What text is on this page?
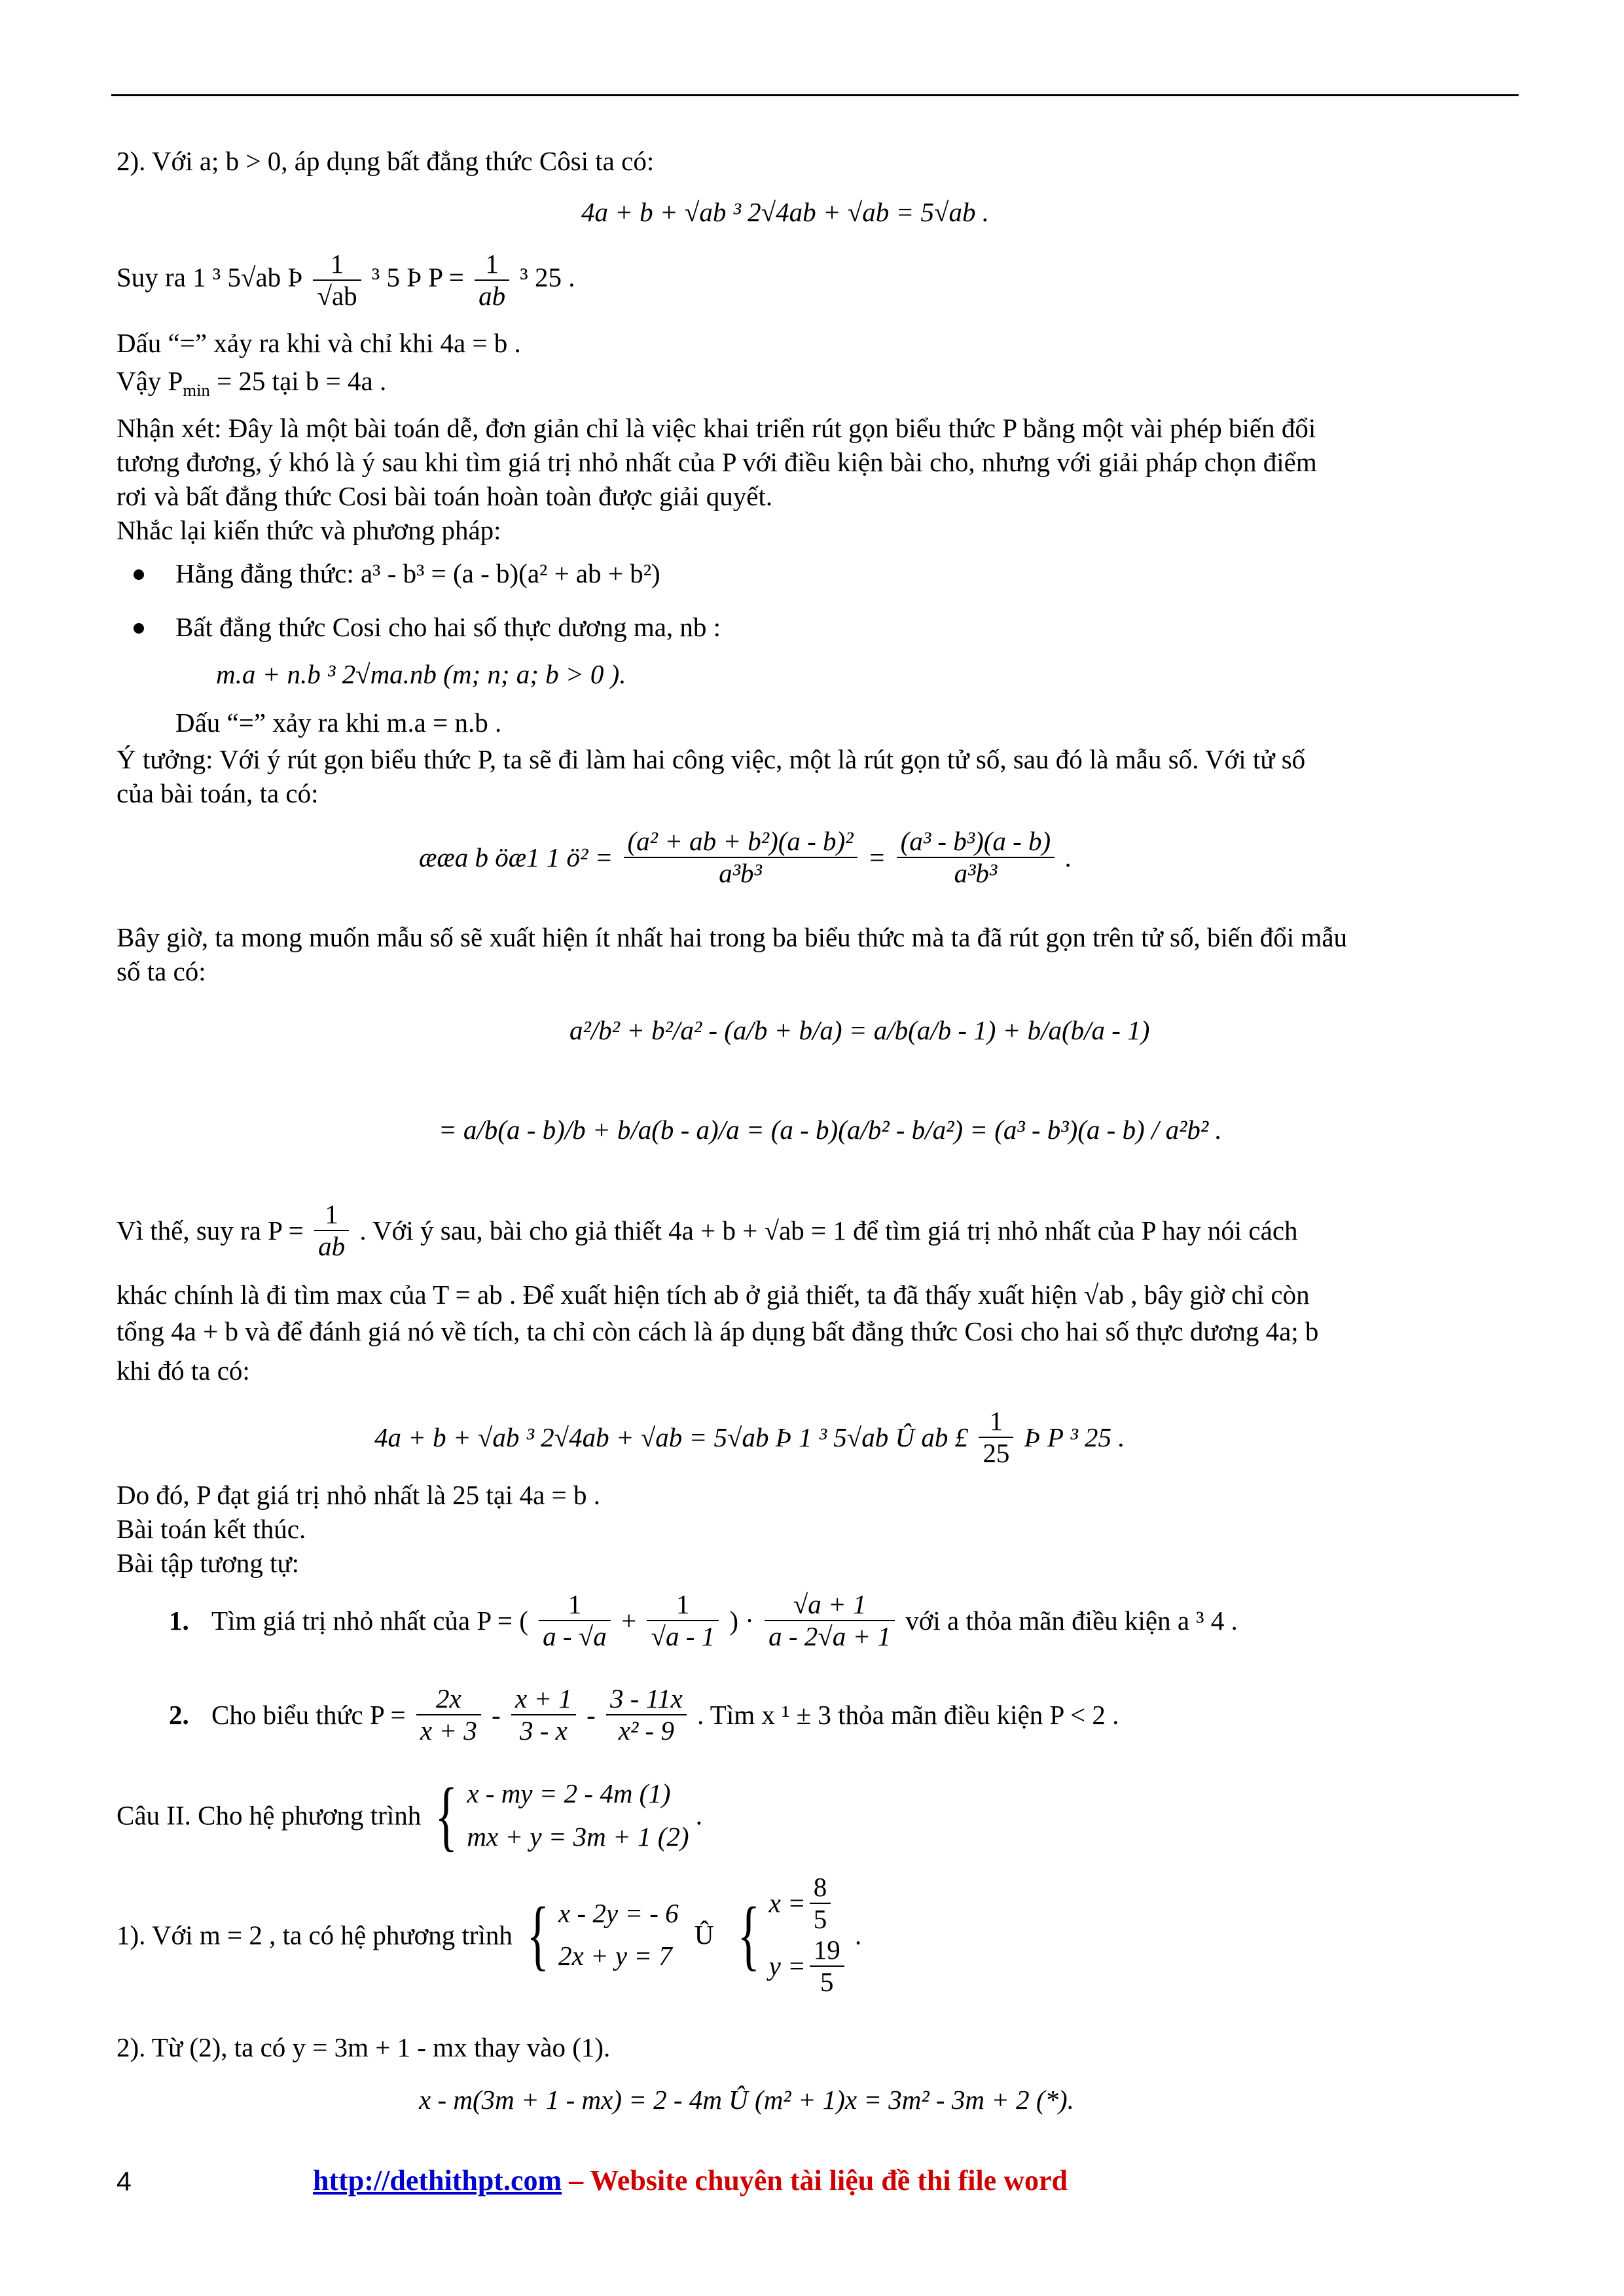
2). Với a; b > 0, áp dụng bất đẳng thức Côsi ta có:
4a + b + √ab ³ 2√4ab + √ab = 5√ab .
Suy ra 1 ³ 5√ab Þ $\frac{1}{√ab} ^3$ 5 Þ $P = \frac{1}{ab} ^3$ 25 .
Dấu “=” xảy ra khi và chỉ khi 4a = b .
Vậy $P_{min} = 25$ tại b = 4a .
Nhận xét: Đây là một bài toán dễ, đơn giản chỉ là việc khai triển rút gọn biểu thức P bằng một vài phép biến đổi
tương đương, ý khó là ý sau khi tìm giá trị nhỏ nhất của P với điều kiện bài cho, nhưng với giải pháp chọn điểm
rơi và bất đẳng thức Cosi bài toán hoàn toàn được giải quyết.
Nhắc lại kiến thức và phương pháp:
Hằng đẳng thức: a³ - b³ = (a - b)(a² + ab + b²)
Bất đẳng thức Cosi cho hai số thực dương ma, nb :
m.a + n.b ³ 2√ma.nb (m; n; a; b > 0 ).
Dấu “=” xảy ra khi m.a = n.b .
Ý tưởng: Với ý rút gọn biểu thức P, ta sẽ đi làm hai công việc, một là rút gọn tử số, sau đó là mẫu số. Với tử số
của bài toán, ta có:
ææa b öæ1 1 ö² = $\frac{\text{(a² + ab + b²)(a - b)²}}{\text{a³b³}} = \frac{\text{(a³ - b³)(a - b)}}{\text{a³b³}}$ .
Bây giờ, ta mong muốn mẫu số sẽ xuất hiện ít nhất hai trong ba biểu thức mà ta đã rút gọn trên tử số, biến đổi mẫu
số ta có:
a²/b² + b²/a² - (a/b + b/a) = a/b(a/b - 1) + b/a(b/a - 1)
= a/b(a - b)/b + b/a(b - a)/a = (a - b)(a/b² - b/a²) = (a³ - b³)(a - b) / a²b² .
Vì thế, suy ra $P = \frac{1}{ab}$ . Với ý sau, bài cho giả thiết 4a + b + √ab = 1 để tìm giá trị nhỏ nhất của P hay nói cách
khác chính là đi tìm max của T = ab . Để xuất hiện tích ab ở giả thiết, ta đã thấy xuất hiện √ab , bây giờ chỉ còn
tổng 4a + b và để đánh giá nó về tích, ta chỉ còn cách là áp dụng bất đẳng thức Cosi cho hai số thực dương 4a; b
khi đó ta có:
4a + b + √ab ³ 2√4ab + √ab = 5√ab Þ 1 ³ 5√ab Û ab £ $\frac{1}{25}$ Þ P ³ 25 .
Do đó, P đạt giá trị nhỏ nhất là 25 tại 4a = b .
Bài toán kết thúc.
Bài tập tương tự:
1. Tìm giá trị nhỏ nhất của P = ( $\frac{1}{a - √a} + \frac{1}{√a - 1}$ ) · $\frac{√a + 1}{a - 2√a + 1}$ với a thỏa mãn điều kiện a ³ 4 .
2. Cho biểu thức $P = \frac{2x}{x + 3} - \frac{x + 1}{3 - x} - \frac{3 - 11x}{\text{x² - 9}}$ . Tìm x ¹ ± 3 thỏa mãn điều kiện P < 2 .
Câu II. Cho hệ phương trình { x - my = 2 - 4m (1)
mx + y = 3m + 1 (2)
.
1). Với m = 2 , ta có hệ phương trình { x - 2y = - 6
2x + y = 7
Û { $x = \frac{8}{5}$
$y = \frac{19}{5}$ .
2). Từ (2), ta có y = 3m + 1 - mx thay vào (1).
x - m(3m + 1 - mx) = 2 - 4m Û (m² + 1)x = 3m² - 3m + 2 (*).
4	http://dethithpt.com – Website chuyên tài liệu đề thi file word
